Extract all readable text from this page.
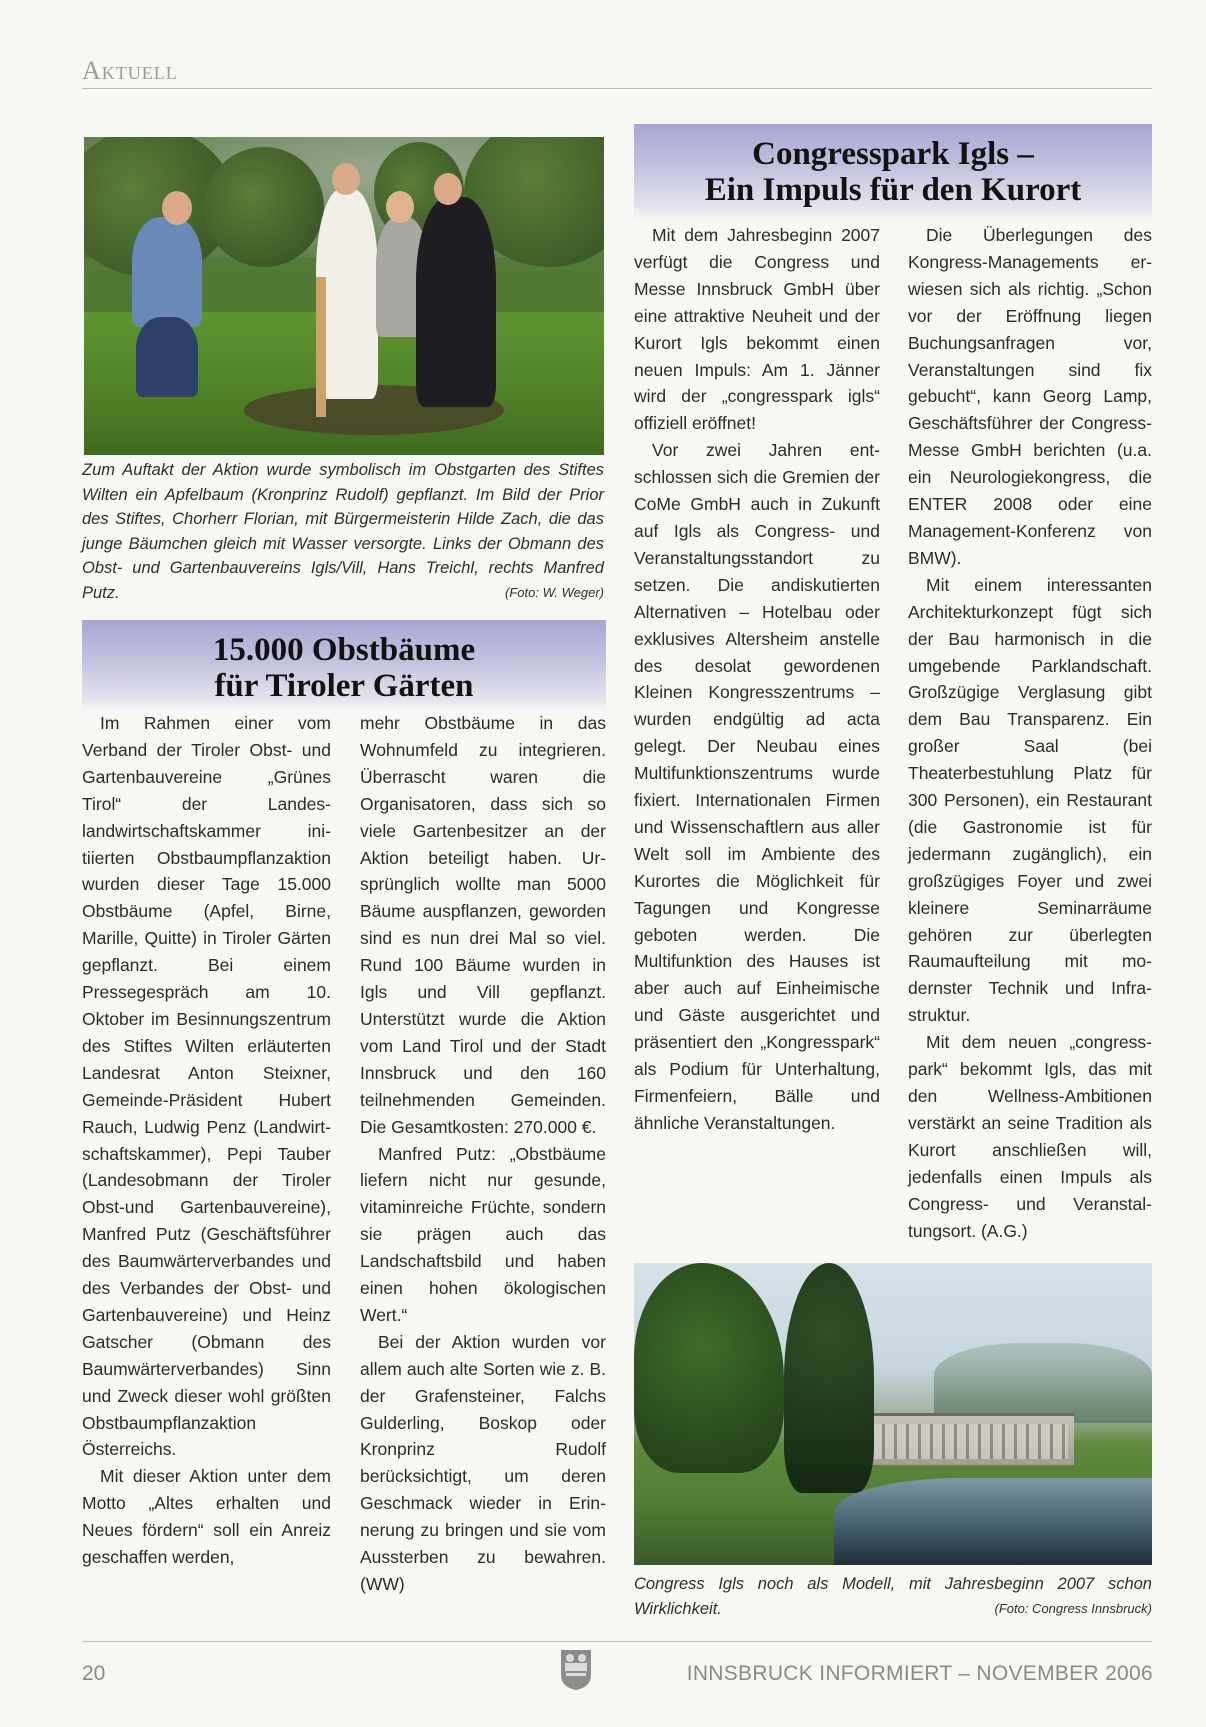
Aktuell
Zum Auftakt der Aktion wurde symbolisch im Obstgarten des Stiftes Wilten ein Apfelbaum (Kronprinz Rudolf) gepflanzt. Im Bild der Prior des Stiftes, Chorherr Florian, mit Bürgermeisterin Hilde Zach, die das junge Bäumchen gleich mit Wasser versorgte. Links der Obmann des Obst- und Gartenbauvereins Igls/Vill, Hans Treichl, rechts Manfred Putz.	(Foto: W. Weger)
15.000 Obstbäume
für Tiroler Gärten

Im Rahmen einer vom Verband der Tiroler Obst- und Gartenbauvereine „Grünes Tirol“ der Landeslandwirtschaftskammer initiierten Obstbaumpflanzaktion wurden dieser Tage 15.000 Obstbäume (Apfel, Birne, Marille, Quitte) in Tiroler Gärten gepflanzt. Bei einem Pressegespräch am 10. Oktober im Besinnungszentrum des Stiftes Wilten erläuterten Landesrat Anton Steixner, Gemeinde-Präsident Hubert Rauch, Ludwig Penz (Landwirtschaftskammer), Pepi Tauber (Landesobmann der Tiroler Obst-und Gartenbauvereine), Manfred Putz (Geschäftsführer des Baumwärterverbandes und des Verbandes der Obst- und Gartenbauvereine) und Heinz Gatscher (Obmann des Baumwärterverbandes) Sinn und Zweck dieser wohl größten Obstbaumpflanzaktion Österreichs.

Mit dieser Aktion unter dem Motto „Altes erhalten und Neues fördern“ soll ein Anreiz geschaffen werden,

mehr Obstbäume in das Wohnumfeld zu integrieren. Überrascht waren die Organisatoren, dass sich so viele Gartenbesitzer an der Aktion beteiligt haben. Ursprünglich wollte man 5000 Bäume auspflanzen, geworden sind es nun drei Mal so viel. Rund 100 Bäume wurden in Igls und Vill gepflanzt. Unterstützt wurde die Aktion vom Land Tirol und der Stadt Innsbruck und den 160 teilnehmenden Gemeinden. Die Gesamtkosten: 270.000 €.

Manfred Putz: „Obstbäume liefern nicht nur gesunde, vitaminreiche Früchte, sondern sie prägen auch das Landschaftsbild und haben einen hohen ökologischen Wert.“

Bei der Aktion wurden vor allem auch alte Sorten wie z. B. der Grafensteiner, Falchs Gulderling, Boskop oder Kronprinz Rudolf berücksichtigt, um deren Geschmack wieder in Erinnerung zu bringen und sie vom Aussterben zu bewahren. (WW)

Congresspark Igls –
Ein Impuls für den Kurort

Mit dem Jahresbeginn 2007 verfügt die Congress und Messe Innsbruck GmbH über eine attraktive Neuheit und der Kurort Igls bekommt einen neuen Impuls: Am 1. Jänner wird der „congresspark igls“ offiziell eröffnet!

Vor zwei Jahren entschlossen sich die Gremien der CoMe GmbH auch in Zukunft auf Igls als Congress- und Veranstaltungsstandort zu setzen. Die andiskutierten Alternativen – Hotelbau oder exklusives Altersheim anstelle des desolat gewordenen Kleinen Kongresszentrums – wurden endgültig ad acta gelegt. Der Neubau eines Multifunktionszentrums wurde fixiert. Internationalen Firmen und Wissenschaftlern aus aller Welt soll im Ambiente des Kurortes die Möglichkeit für Tagungen und Kongresse geboten werden. Die Multifunktion des Hauses ist aber auch auf Einheimische und Gäste ausgerichtet und präsentiert den „Kongresspark“ als Podium für Unterhaltung, Firmenfeiern, Bälle und ähnliche Veranstaltungen.

Die Überlegungen des Kongress-Managements erwiesen sich als richtig. „Schon vor der Eröffnung liegen Buchungsanfragen vor, Veranstaltungen sind fix gebucht“, kann Georg Lamp, Geschäftsführer der Congress-Messe GmbH berichten (u.a. ein Neurologiekongress, die ENTER 2008 oder eine Management-Konferenz von BMW).

Mit einem interessanten Architekturkonzept fügt sich der Bau harmonisch in die umgebende Parklandschaft. Großzügige Verglasung gibt dem Bau Transparenz. Ein großer Saal (bei Theaterbestuhlung Platz für 300 Personen), ein Restaurant (die Gastronomie ist für jedermann zugänglich), ein großzügiges Foyer und zwei kleinere Seminarräume gehören zur überlegten Raumaufteilung mit modernster Technik und Infrastruktur.

Mit dem neuen „congresspark“ bekommt Igls, das mit den Wellness-Ambitionen verstärkt an seine Tradition als Kurort anschließen will, jedenfalls einen Impuls als Congress- und Veranstaltungsort. (A.G.)

Congress Igls noch als Modell, mit Jahresbeginn 2007 schon Wirklichkeit.	(Foto: Congress Innsbruck)
20	INNSBRUCK INFORMIERT – NOVEMBER 2006
